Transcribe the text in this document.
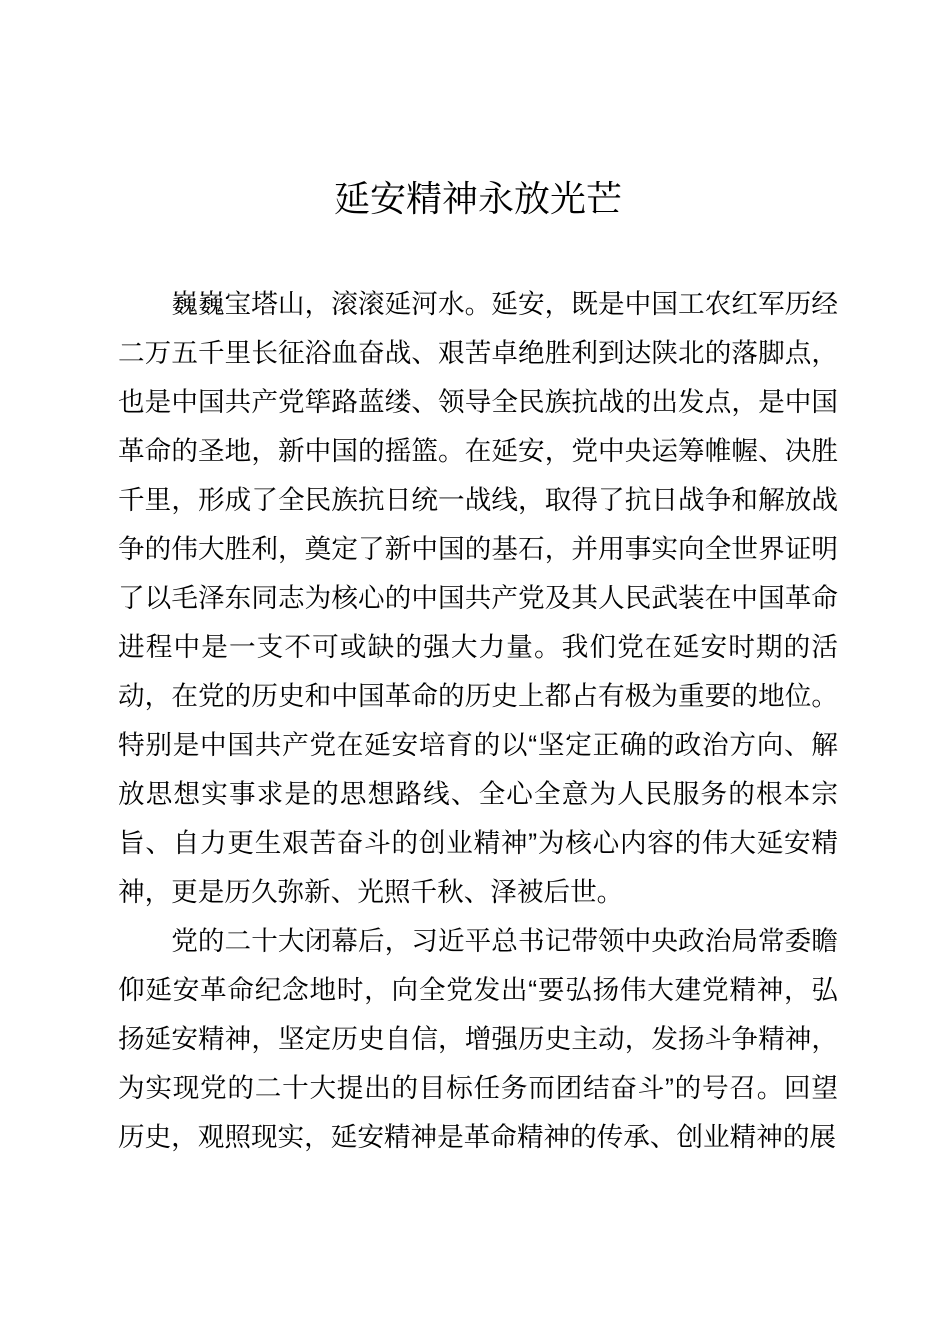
延安精神永放光芒

巍巍宝塔山，滚滚延河水。延安，既是中国工农红军历经二万五千里长征浴血奋战、艰苦卓绝胜利到达陕北的落脚点，也是中国共产党筚路蓝缕、领导全民族抗战的出发点，是中国革命的圣地，新中国的摇篮。在延安，党中央运筹帷幄、决胜千里，形成了全民族抗日统一战线，取得了抗日战争和解放战争的伟大胜利，奠定了新中国的基石，并用事实向全世界证明了以毛泽东同志为核心的中国共产党及其人民武装在中国革命进程中是一支不可或缺的强大力量。我们党在延安时期的活动，在党的历史和中国革命的历史上都占有极为重要的地位。特别是中国共产党在延安培育的以“坚定正确的政治方向、解放思想实事求是的思想路线、全心全意为人民服务的根本宗旨、自力更生艰苦奋斗的创业精神”为核心内容的伟大延安精神，更是历久弥新、光照千秋、泽被后世。

党的二十大闭幕后，习近平总书记带领中央政治局常委瞻仰延安革命纪念地时，向全党发出“要弘扬伟大建党精神，弘扬延安精神，坚定历史自信，增强历史主动，发扬斗争精神，为实现党的二十大提出的目标任务而团结奋斗”的号召。回望历史，观照现实，延安精神是革命精神的传承、创业精神的展
